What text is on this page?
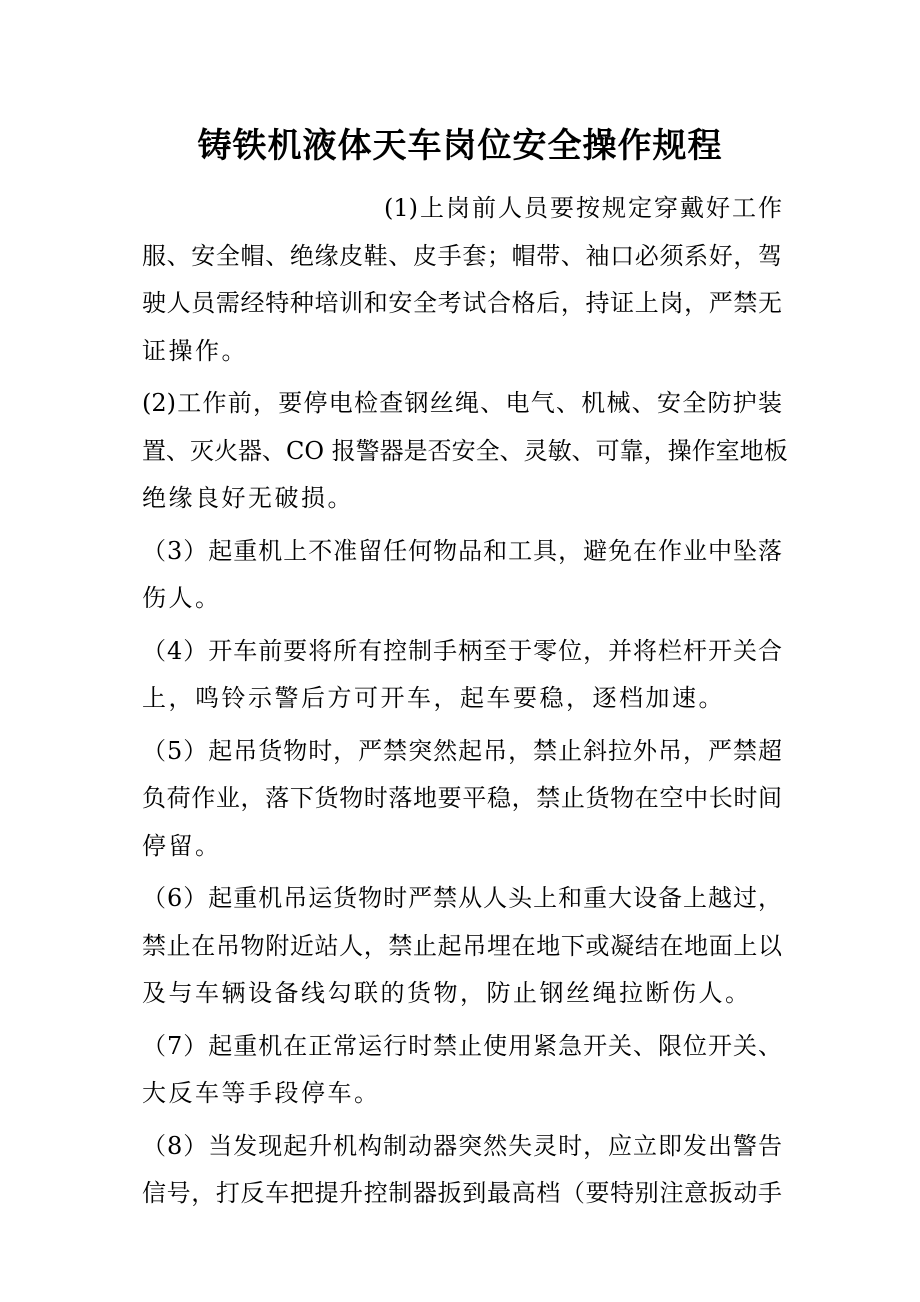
铸铁机液体天车岗位安全操作规程
(1)上岗前人员要按规定穿戴好工作
服、安全帽、绝缘皮鞋、皮手套；帽带、袖口必须系好，驾
驶人员需经特种培训和安全考试合格后，持证上岗，严禁无
证操作。
(2)工作前，要停电检查钢丝绳、电气、机械、安全防护装
置、灭火器、CO 报警器是否安全、灵敏、可靠，操作室地板
绝缘良好无破损。
（3）起重机上不准留任何物品和工具，避免在作业中坠落
伤人。
（4）开车前要将所有控制手柄至于零位，并将栏杆开关合
上，鸣铃示警后方可开车，起车要稳，逐档加速。
（5）起吊货物时，严禁突然起吊，禁止斜拉外吊，严禁超
负荷作业，落下货物时落地要平稳，禁止货物在空中长时间
停留。
（6）起重机吊运货物时严禁从人头上和重大设备上越过，
禁止在吊物附近站人，禁止起吊埋在地下或凝结在地面上以
及与车辆设备线勾联的货物，防止钢丝绳拉断伤人。
（7）起重机在正常运行时禁止使用紧急开关、限位开关、
大反车等手段停车。
（8）当发现起升机构制动器突然失灵时，应立即发出警告
信号，打反车把提升控制器扳到最高档（要特别注意扳动手
